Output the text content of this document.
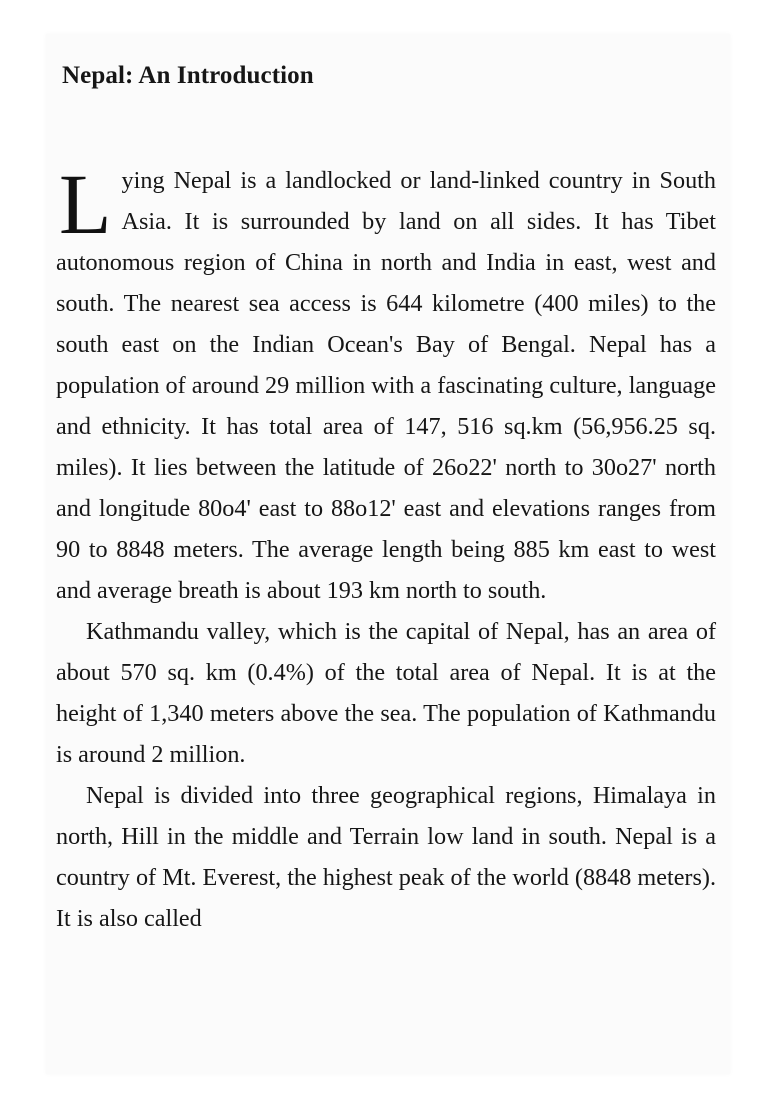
Nepal: An Introduction

Lying Nepal is a landlocked or land-linked country in South Asia. It is surrounded by land on all sides. It has Tibet autonomous region of China in north and India in east, west and south. The nearest sea access is 644 kilometre (400 miles) to the south east on the Indian Ocean's Bay of Bengal. Nepal has a population of around 29 million with a fascinating culture, language and ethnicity. It has total area of 147, 516 sq.km (56,956.25 sq. miles). It lies between the latitude of 26o22' north to 30o27' north and longitude 80o4' east to 88o12' east and elevations ranges from 90 to 8848 meters. The average length being 885 km east to west and average breath is about 193 km north to south.

Kathmandu valley, which is the capital of Nepal, has an area of about 570 sq. km (0.4%) of the total area of Nepal. It is at the height of 1,340 meters above the sea. The population of Kathmandu is around 2 million.

Nepal is divided into three geographical regions, Himalaya in north, Hill in the middle and Terrain low land in south. Nepal is a country of Mt. Everest, the highest peak of the world (8848 meters). It is also called
